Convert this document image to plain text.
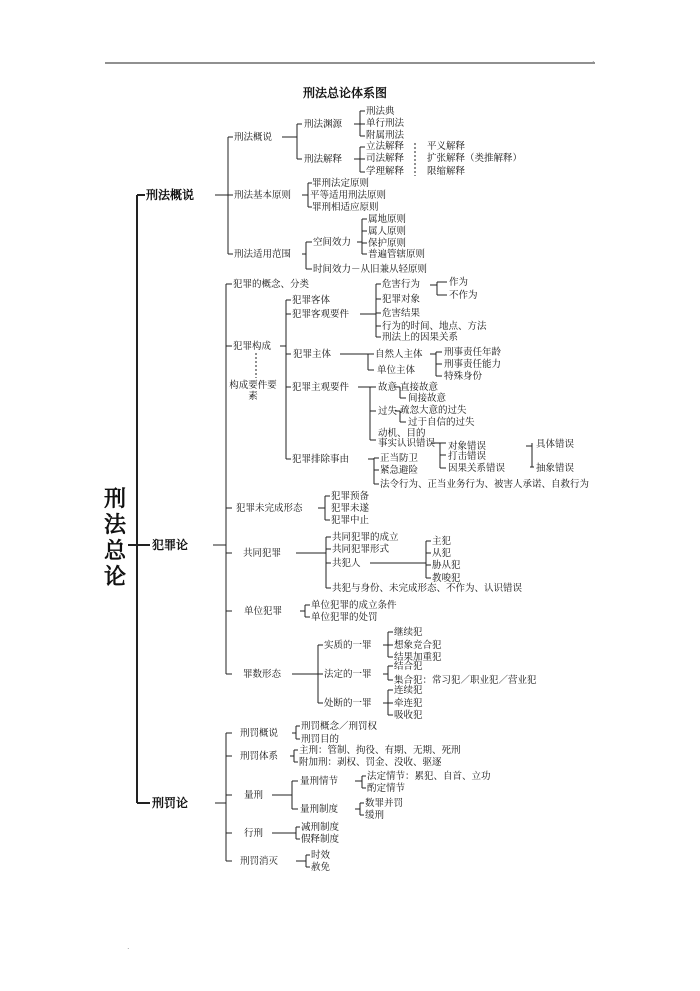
.
.
刑法总论体系图
刑法总论
刑法概说
刑法概说
刑法渊源
刑法典
单行刑法
附属刑法
刑法解释
立法解释
司法解释
学理解释
平义解释
扩张解释（类推解释）
限缩解释
刑法基本原则
罪刑法定原则
平等适用刑法原则
罪刑相适应原则
刑法适用范围
空间效力
属地原则
属人原则
保护原则
普遍管辖原则
时间效力－从旧兼从轻原则
犯罪论
犯罪的概念、分类
犯罪构成
构成要件要素
犯罪客体
犯罪客观要件
危害行为
犯罪对象
危害结果
行为的时间、地点、方法
刑法上的因果关系
作为
不作为
犯罪主体	自然人主体 刑事责任年龄
刑事责任能力
特殊身份
单位主体
犯罪主观要件	故意 直接故意
间接故意
过失 疏忽大意的过失
过于自信的过失
动机、目的
事实认识错误 对象错误
打击错误
因果关系错误
具体错误
抽象错误
犯罪排除事由	正当防卫
紧急避险
法令行为、正当业务行为、被害人承诺、自救行为
犯罪未完成形态
犯罪预备
犯罪未遂
犯罪中止
共同犯罪
共同犯罪的成立
共同犯罪形式
共犯人
主犯
从犯
胁从犯
教唆犯
共犯与身份、未完成形态、不作为、认识错误
单位犯罪
单位犯罪的成立条件
单位犯罪的处罚
罪数形态
实质的一罪
继续犯
想象竞合犯
结果加重犯
法定的一罪
结合犯
集合犯：常习犯／职业犯／营业犯
处断的一罪
连续犯
牵连犯
吸收犯
刑罚论
刑罚概说
刑罚概念／刑罚权
刑罚目的
刑罚体系
主刑：管制、拘役、有期、无期、死刑
附加刑：剥权、罚金、没收、驱逐
量刑
量刑情节	法定情节：累犯、自首、立功
酌定情节
量刑制度
数罪并罚
缓刑
行刑
减刑制度
假释制度
刑罚消灭
时效
赦免
